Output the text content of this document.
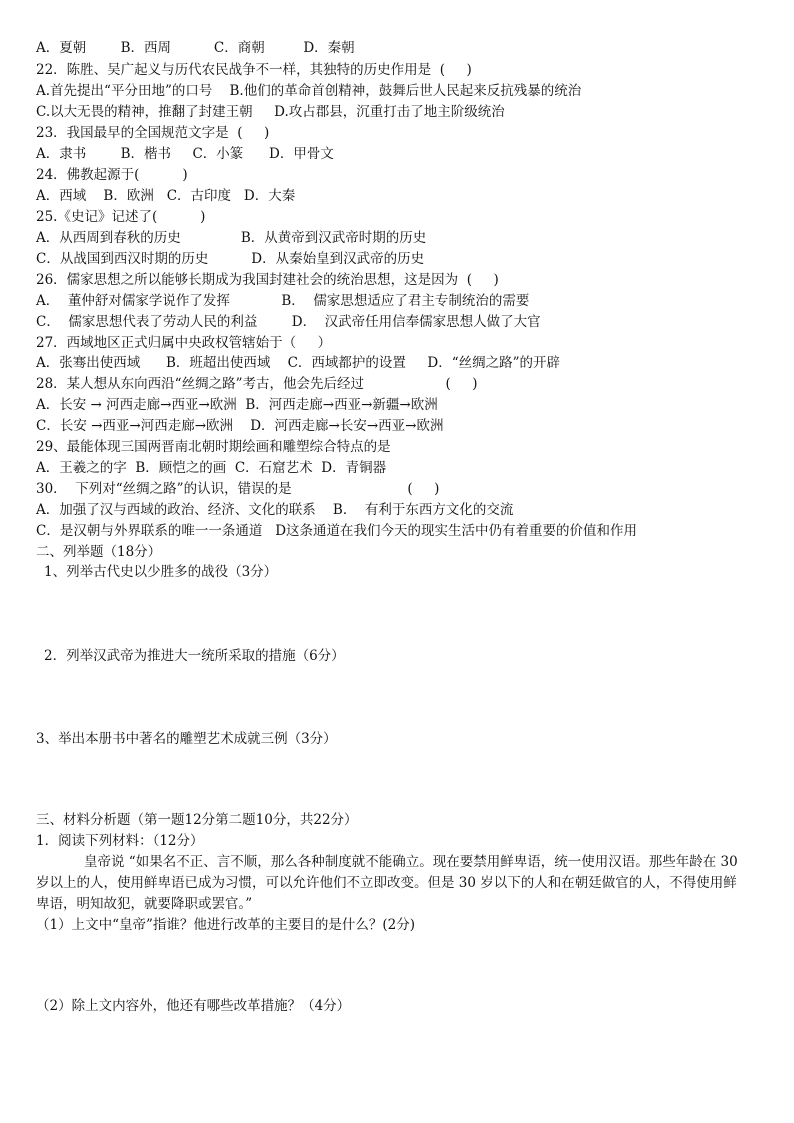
A．夏朝        B．西周          C．商朝         D．秦朝
22．陈胜、吴广起义与历代农民战争不一样，其独特的历史作用是  (     )
A.首先提出“平分田地”的口号    B.他们的革命首创精神，鼓舞后世人民起来反抗残暴的统治
C.以大无畏的精神，推翻了封建王朝     D.攻占郡县，沉重打击了地主阶级统治
23．我国最早的全国规范文字是  (     )
A．隶书        B．楷书     C．小篆      D．甲骨文
24．佛教起源于(          )
A．西域    B．欧洲   C．古印度   D．大秦
25.《史记》记述了(          )
A．从西周到春秋的历史              B．从黄帝到汉武帝时期的历史
C．从战国到西汉时期的历史          D．从秦始皇到汉武帝的历史
26．儒家思想之所以能够长期成为我国封建社会的统治思想，这是因为  (     )
A．  董仲舒对儒家学说作了发挥            B．  儒家思想适应了君主专制统治的需要
C．  儒家思想代表了劳动人民的利益        D．  汉武帝任用信奉儒家思想人做了大官
27．西域地区正式归属中央政权管辖始于（     ）
A．张骞出使西域      B．班超出使西域    C．西域都护的设置     D．“丝绸之路”的开辟
28．某人想从东向西沿“丝绸之路”考古，他会先后经过                   (     )
A．长安 → 河西走廊→西亚→欧洲  B．河西走廊→西亚→新疆→欧洲
C．长安 →西亚→河西走廊→欧洲    D．河西走廊→长安→西亚→欧洲
29、最能体现三国两晋南北朝时期绘画和雕塑综合特点的是
A．王羲之的字  B．顾恺之的画  C．石窟艺术  D．青铜器
30．  下列对“丝绸之路”的认识，错误的是                           (     )
A．加强了汉与西域的政治、经济、文化的联系    B．  有利于东西方文化的交流
C．是汉朝与外界联系的唯一一条通道   D这条通道在我们今天的现实生活中仍有着重要的价值和作用
二、列举题（18分）
1、列举古代史以少胜多的战役（3分）
2．列举汉武帝为推进大一统所采取的措施（6分）
3、举出本册书中著名的雕塑艺术成就三例（3分）
三、材料分析题（第一题12分第二题10分，共22分）
1．阅读下列材料：（12分）
皇帝说 “如果名不正、言不顺，那么各种制度就不能确立。现在要禁用鲜卑语，统一使用汉语。那些年龄在 30
岁以上的人，使用鲜卑语已成为习惯，可以允许他们不立即改变。但是 30 岁以下的人和在朝廷做官的人，不得使用鲜
卑语，明知故犯，就要降职或罢官。”
（1）上文中“皇帝”指谁？他进行改革的主要目的是什么？(2分)
（2）除上文内容外，他还有哪些改革措施？（4分）
